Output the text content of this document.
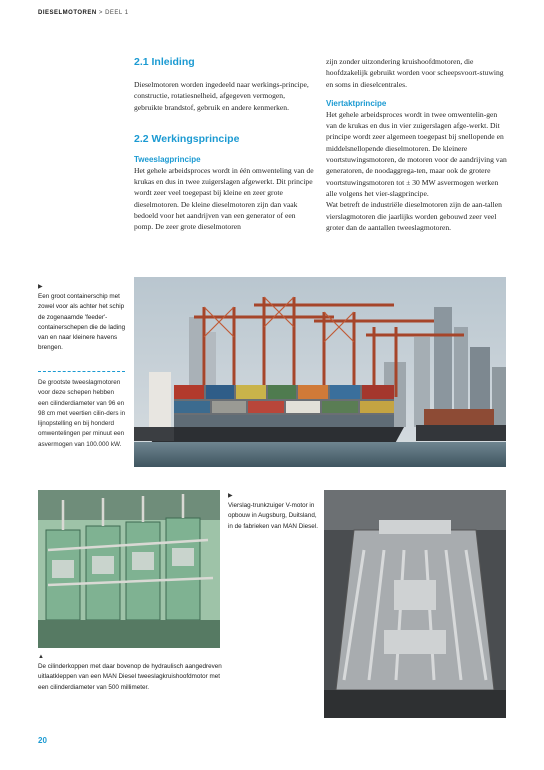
DIESELMOTOREN > DEEL 1
2.1 Inleiding

Dieselmotoren worden ingedeeld naar werkings-principe, constructie, rotatiesnelheid, afgegeven vermogen, gebruikte brandstof, gebruik en andere kenmerken.

2.2 Werkingsprincipe
Tweeslagprincipe

Het gehele arbeidsproces wordt in één omwenteling van de krukas en dus in twee zuigerslagen afgewerkt. Dit principe wordt zeer veel toegepast bij kleine en zeer grote dieselmotoren. De kleine dieselmotoren zijn dan vaak bedoeld voor het aandrijven van een generator of een pomp. De zeer grote dieselmotoren

zijn zonder uitzondering kruishoofdmotoren, die hoofdzakelijk gebruikt worden voor scheepsvoort-stuwing en soms in dieselcentrales.

Viertaktprincipe

Het gehele arbeidsproces wordt in twee omwentelin-gen van de krukas en dus in vier zuigerslagen afge-werkt. Dit principe wordt zeer algemeen toegepast bij snellopende en middelsnellopende dieselmotoren. De kleinere voortstuwingsmotoren, de motoren voor de aandrijving van generatoren, de noodaggrega-ten, maar ook de grotere voortstuwingsmotoren tot ± 30 MW asvermogen werken alle volgens het vier-slagprincipe.

Wat betreft de industriële dieselmotoren zijn de aan-tallen vierslagmotoren die jaarlijks worden gebouwd zeer veel groter dan de aantallen tweeslagmotoren.

▶
Een groot containerschip met zowel voor als achter het schip de zogenaamde 'feeder'-containerschepen die de lading van en naar kleinere havens brengen.
De grootste tweeslagmotoren voor deze schepen hebben een cilinderdiameter van 96 en 98 cm met veertien cilin-ders in lijnopstelling en bij honderd omwentelingen per minuut een asvermogen van 100.000 kW.
▶
Vierslag-trunkzuiger V-motor in opbouw in Augsburg, Duitsland, in de fabrieken van MAN Diesel.
▲
De cilinderkoppen met daar bovenop de hydraulisch aangedreven uitlaatkleppen van een MAN Diesel tweeslagkruishoofdmotor met een cilinderdiameter van 500 millimeter.
20
